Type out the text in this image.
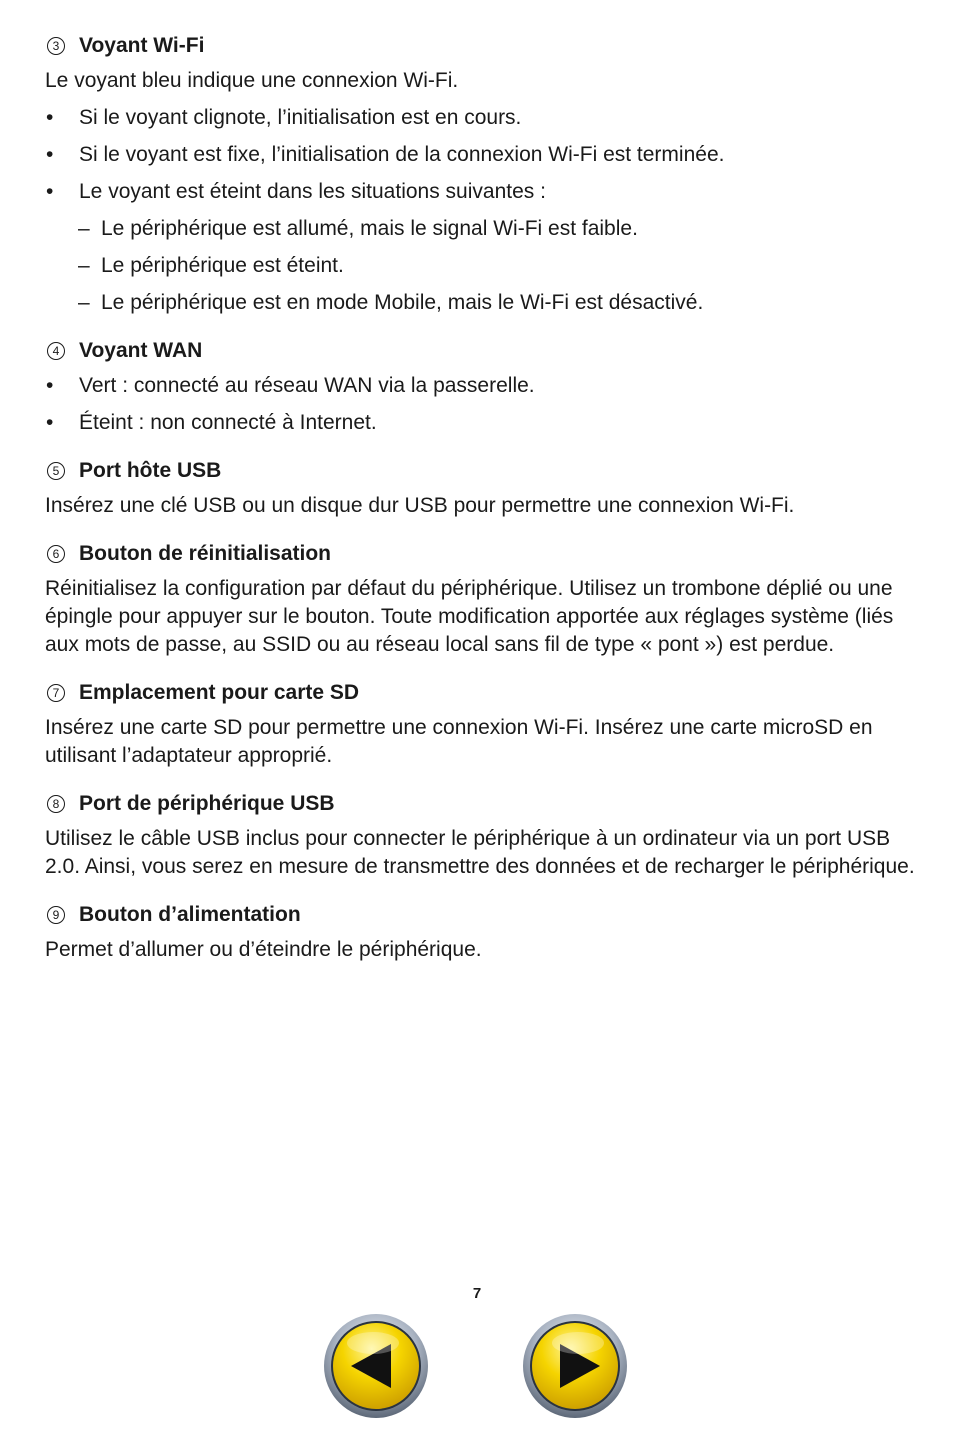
3 Voyant Wi-Fi

Le voyant bleu indique une connexion Wi-Fi.

•	Si le voyant clignote, l’initialisation est en cours.
•	Si le voyant est fixe, l’initialisation de la connexion Wi-Fi est terminée.
•	Le voyant est éteint dans les situations suivantes :
– Le périphérique est allumé, mais le signal Wi-Fi est faible.
– Le périphérique est éteint.
– Le périphérique est en mode Mobile, mais le Wi-Fi est désactivé.
4 Voyant WAN
•	Vert : connecté au réseau WAN via la passerelle.
•	Éteint : non connecté à Internet.
5 Port hôte USB

Insérez une clé USB ou un disque dur USB pour permettre une connexion Wi-Fi.

6 Bouton de réinitialisation

Réinitialisez la configuration par défaut du périphérique. Utilisez un trombone déplié ou une épingle pour appuyer sur le bouton. Toute modification apportée aux réglages système (liés aux mots de passe, au SSID ou au réseau local sans fil de type « pont ») est perdue.

7 Emplacement pour carte SD

Insérez une carte SD pour permettre une connexion Wi-Fi. Insérez une carte microSD en utilisant l’adaptateur approprié.

8 Port de périphérique USB

Utilisez le câble USB inclus pour connecter le périphérique à un ordinateur via un port USB 2.0. Ainsi, vous serez en mesure de transmettre des données et de recharger le périphérique.

9 Bouton d’alimentation

Permet d’allumer ou d’éteindre le périphérique.

7
